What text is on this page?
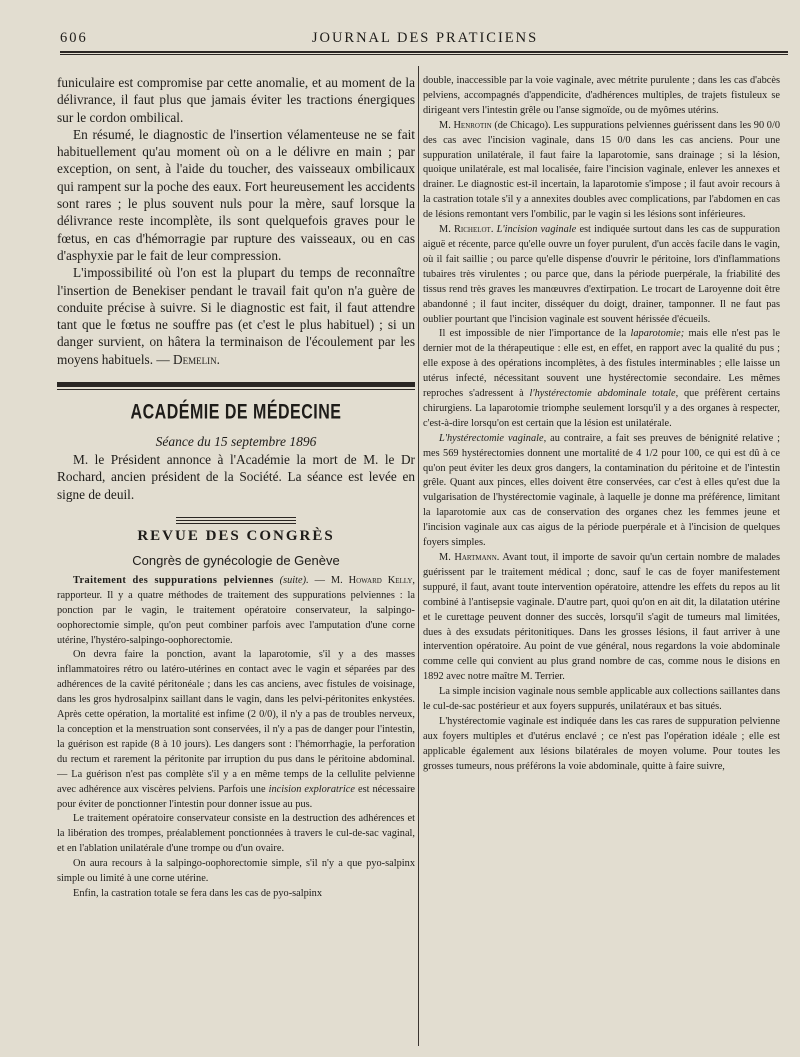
606	JOURNAL DES PRATICIENS

funiculaire est compromise par cette anomalie, et au moment de la délivrance, il faut plus que jamais éviter les tractions énergiques sur le cordon ombilical.

En résumé, le diagnostic de l'insertion vélamenteuse ne se fait habituellement qu'au moment où on a le délivre en main ; par exception, on sent, à l'aide du toucher, des vaisseaux ombilicaux qui rampent sur la poche des eaux. Fort heureusement les accidents sont rares ; le plus souvent nuls pour la mère, sauf lorsque la délivrance reste incomplète, ils sont quelquefois graves pour le fœtus, en cas d'hémorragie par rupture des vaisseaux, ou en cas d'asphyxie par le fait de leur compression.

L'impossibilité où l'on est la plupart du temps de reconnaître l'insertion de Benekiser pendant le travail fait qu'on n'a guère de conduite précise à suivre. Si le diagnostic est fait, il faut attendre tant que le fœtus ne souffre pas (et c'est le plus habituel) ; si un danger survient, on hâtera la terminaison de l'écoulement par les moyens habituels. — Demelin.

ACADÉMIE DE MÉDECINE
Séance du 15 septembre 1896

M. le Président annonce à l'Académie la mort de M. le Dr Rochard, ancien président de la Société. La séance est levée en signe de deuil.

REVUE DES CONGRÈS
Congrès de gynécologie de Genève

Traitement des suppurations pelviennes (suite). — M. Howard Kelly, rapporteur. Il y a quatre méthodes de traitement des suppurations pelviennes : la ponction par le vagin, le traitement opératoire conservateur, la salpingo-oophorectomie simple, qu'on peut combiner parfois avec l'amputation d'une corne utérine, l'hystéro-salpingo-oophorectomie.

On devra faire la ponction, avant la laparotomie, s'il y a des masses inflammatoires rétro ou latéro-utérines en contact avec le vagin et séparées par des adhérences de la cavité péritonéale ; dans les cas anciens, avec fistules de voisinage, dans les gros hydrosalpinx saillant dans le vagin, dans les pelvi-péritonites enkystées. Après cette opération, la mortalité est infime (2 0/0), il n'y a pas de troubles nerveux, la conception et la menstruation sont conservées, il n'y a pas de danger pour l'intestin, la guérison est rapide (8 à 10 jours). Les dangers sont : l'hémorrhagie, la perforation du rectum et rarement la péritonite par irruption du pus dans le péritoine abdominal. — La guérison n'est pas complète s'il y a en même temps de la cellulite pelvienne avec adhérence aux viscères pelviens. Parfois une incision exploratrice est nécessaire pour éviter de ponctionner l'intestin pour donner issue au pus.

Le traitement opératoire conservateur consiste en la destruction des adhérences et la libération des trompes, préalablement ponctionnées à travers le cul-de-sac vaginal, et en l'ablation unilatérale d'une trompe ou d'un ovaire.

On aura recours à la salpingo-oophorectomie simple, s'il n'y a que pyo-salpinx simple ou limité à une corne utérine.

Enfin, la castration totale se fera dans les cas de pyo-salpinx

double, inaccessible par la voie vaginale, avec métrite purulente ; dans les cas d'abcès pelviens, accompagnés d'appendicite, d'adhérences multiples, de trajets fistuleux se dirigeant vers l'intestin grêle ou l'anse sigmoïde, ou de myômes utérins.

M. Henrotin (de Chicago). Les suppurations pelviennes guérissent dans les 90 0/0 des cas avec l'incision vaginale, dans 15 0/0 dans les cas anciens. Pour une suppuration unilatérale, il faut faire la laparotomie, sans drainage ; si la lésion, quoique unilatérale, est mal localisée, faire l'incision vaginale, enlever les annexes et drainer. Le diagnostic est-il incertain, la laparotomie s'impose ; il faut avoir recours à la castration totale s'il y a annexites doubles avec complications, par l'abdomen en cas de lésions remontant vers l'ombilic, par le vagin si les lésions sont inférieures.

M. Richelot. L'incision vaginale est indiquée surtout dans les cas de suppuration aiguë et récente, parce qu'elle ouvre un foyer purulent, d'un accès facile dans le vagin, où il fait saillie ; ou parce qu'elle dispense d'ouvrir le péritoine, lors d'inflammations tubaires très virulentes ; ou parce que, dans la période puerpérale, la friabilité des tissus rend très graves les manœuvres d'extirpation. Le trocart de Laroyenne doit être abandonné ; il faut inciter, disséquer du doigt, drainer, tamponner. Il ne faut pas oublier pourtant que l'incision vaginale est souvent hérissée d'écueils.

Il est impossible de nier l'importance de la laparotomie; mais elle n'est pas le dernier mot de la thérapeutique : elle est, en effet, en rapport avec la qualité du pus ; elle expose à des opérations incomplètes, à des fistules interminables ; elle laisse un utérus infecté, nécessitant souvent une hystérectomie secondaire. Les mêmes reproches s'adressent à l'hystérectomie abdominale totale, que préfèrent certains chirurgiens. La laparotomie triomphe seulement lorsqu'il y a des organes à respecter, c'est-à-dire lorsqu'on est certain que la lésion est unilatérale.

L'hystérectomie vaginale, au contraire, a fait ses preuves de bénignité relative ; mes 569 hystérectomies donnent une mortalité de 4 1/2 pour 100, ce qui est dû à ce qu'on peut éviter les deux gros dangers, la contamination du péritoine et de l'intestin grêle. Quant aux pinces, elles doivent être conservées, car c'est à elles qu'est due la vulgarisation de l'hystérectomie vaginale, à laquelle je donne ma préférence, limitant la laparotomie aux cas de conservation des organes chez les femmes jeune et l'incision vaginale aux cas aigus de la période puerpérale et à l'incision de quelques foyers simples.

M. Hartmann. Avant tout, il importe de savoir qu'un certain nombre de malades guérissent par le traitement médical ; donc, sauf le cas de foyer manifestement suppuré, il faut, avant toute intervention opératoire, attendre les effets du repos au lit combiné à l'antisepsie vaginale. D'autre part, quoi qu'on en ait dit, la dilatation utérine et le curettage peuvent donner des succès, lorsqu'il s'agit de tumeurs mal limitées, dues à des exsudats péritonitiques. Dans les grosses lésions, il faut arriver à une intervention opératoire. Au point de vue général, nous regardons la voie abdominale comme celle qui convient au plus grand nombre de cas, comme nous le disions en 1892 avec notre maître M. Terrier.

La simple incision vaginale nous semble applicable aux collections saillantes dans le cul-de-sac postérieur et aux foyers suppurés, unilatéraux et bas situés.

L'hystérectomie vaginale est indiquée dans les cas rares de suppuration pelvienne aux foyers multiples et d'utérus enclavé ; ce n'est pas l'opération idéale ; elle est applicable également aux lésions bilatérales de moyen volume. Pour toutes les grosses tumeurs, nous préférons la voie abdominale, quitte à faire suivre,
